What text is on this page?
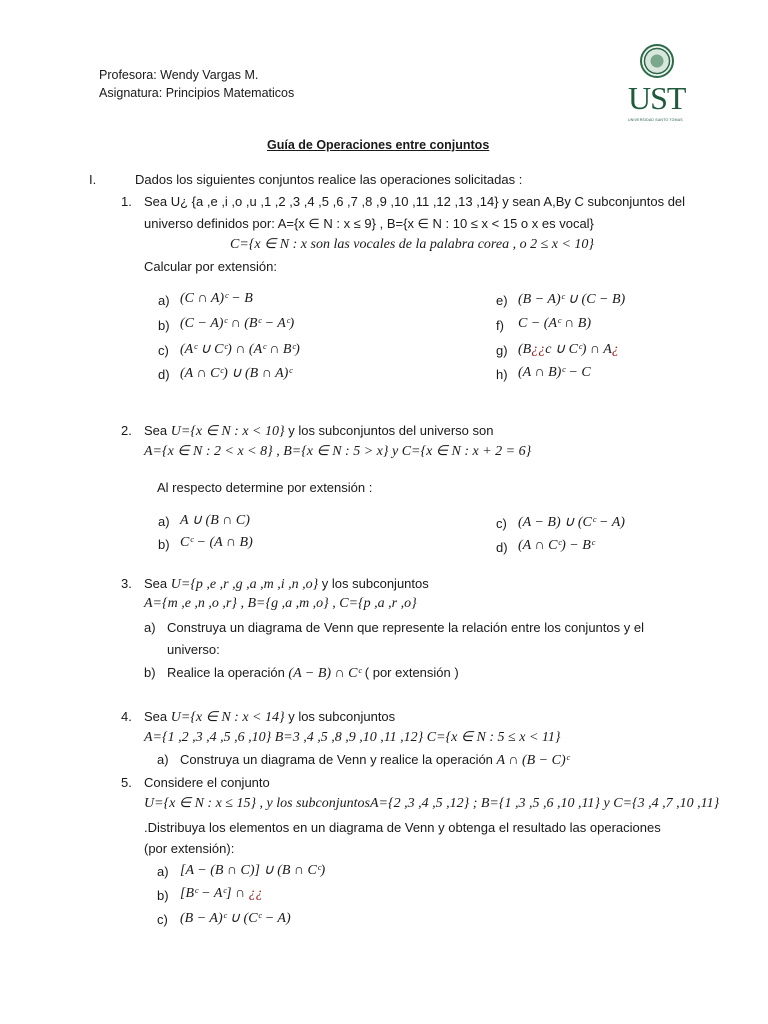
Profesora: Wendy Vargas M.
Asignatura: Principios Matematicos	UST
UNIVERSIDAD SANTO TOMAS
Guía de Operaciones entre conjuntos
I.	Dados los siguientes conjuntos realice las operaciones solicitadas :
1. Sea U¿ {a ,e ,i ,o ,u ,1 ,2 ,3 ,4 ,5 ,6 ,7 ,8 ,9 ,10 ,11 ,12 ,13 ,14} y sean A,By C subconjuntos del
universo definidos por: A={x ∈ N : x ≤ 9} , B={x ∈ N : 10 ≤ x < 15 o x es vocal}
C={x ∈ N : x son las vocales de la palabra corea , o 2 ≤ x < 10}
Calcular por extensión:
a) (C ∩ A)ᶜ − B
b) (C − A)ᶜ ∩ (Bᶜ − Aᶜ)
c) (Aᶜ ∪ Cᶜ) ∩ (Aᶜ ∩ Bᶜ)
d) (A ∩ Cᶜ) ∪ (B ∩ A)ᶜ
e) (B − A)ᶜ ∪ (C − B)
f) C − (Aᶜ ∩ B)
g) (B¿¿c ∪ Cᶜ) ∩ A¿
h) (A ∩ B)ᶜ − C
2. Sea U={x ∈ N : x < 10} y los subconjuntos del universo son
A={x ∈ N : 2 < x < 8} , B={x ∈ N : 5 > x} y C={x ∈ N : x + 2 = 6}
Al respecto determine por extensión :
a) A ∪ (B ∩ C)
b) Cᶜ − (A ∩ B)
c) (A − B) ∪ (Cᶜ − A)
d) (A ∩ Cᶜ) − Bᶜ
3. Sea U={p ,e ,r ,g ,a ,m ,i ,n ,o} y los subconjuntos
A={m ,e ,n ,o ,r} , B={g ,a ,m ,o} , C={p ,a ,r ,o}
a) Construya un diagrama de Venn que represente la relación entre los conjuntos y el
universo:
b) Realice la operación (A − B) ∩ Cᶜ ( por extensión )
4. Sea U={x ∈ N : x < 14} y los subconjuntos
A={1 ,2 ,3 ,4 ,5 ,6 ,10} B=3 ,4 ,5 ,8 ,9 ,10 ,11 ,12} C={x ∈ N : 5 ≤ x < 11}
a) Construya un diagrama de Venn y realice la operación A ∩ (B − C)ᶜ
5. Considere el conjunto
U={x ∈ N : x ≤ 15} , y los subconjuntosA={2 ,3 ,4 ,5 ,12} ; B={1 ,3 ,5 ,6 ,10 ,11} y C={3 ,4 ,7 ,10 ,11}
.Distribuya los elementos en un diagrama de Venn y obtenga el resultado las operaciones
(por extensión):
a) [A − (B ∩ C)] ∪ (B ∩ Cᶜ)
b) [Bᶜ − Aᶜ] ∩ ¿¿
c) (B − A)ᶜ ∪ (Cᶜ − A)
